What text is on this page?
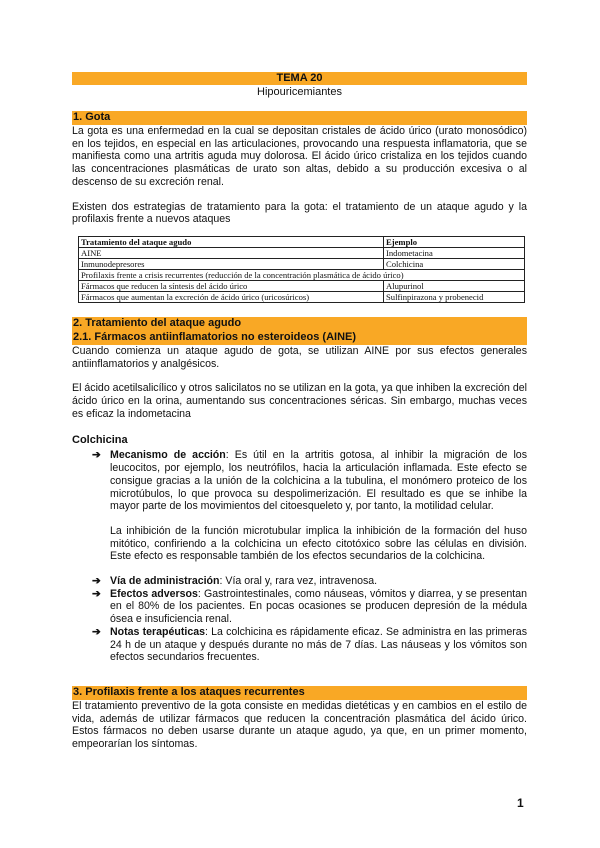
TEMA 20
Hipouricemiantes
1. Gota

La gota es una enfermedad en la cual se depositan cristales de ácido úrico (urato monosódico) en los tejidos, en especial en las articulaciones, provocando una respuesta inflamatoria, que se manifiesta como una artritis aguda muy dolorosa. El ácido úrico cristaliza en los tejidos cuando las concentraciones plasmáticas de urato son altas, debido a su producción excesiva o al descenso de su excreción renal.

Existen dos estrategias de tratamiento para la gota: el tratamiento de un ataque agudo y la profilaxis frente a nuevos ataques

Tratamiento del ataque agudo	Ejemplo
AINE	Indometacina
Inmunodepresores	Colchicina
Profilaxis frente a crisis recurrentes (reducción de la concentración plasmática de ácido úrico)	
Fármacos que reducen la síntesis del ácido úrico	Alupurinol
Fármacos que aumentan la excreción de ácido úrico (uricosúricos)	Sulfinpirazona y probenecid
2. Tratamiento del ataque agudo
2.1. Fármacos antiinflamatorios no esteroideos (AINE)

Cuando comienza un ataque agudo de gota, se utilizan AINE por sus efectos generales antiinflamatorios y analgésicos.

El ácido acetilsalicílico y otros salicilatos no se utilizan en la gota, ya que inhiben la excreción del ácido úrico en la orina, aumentando sus concentraciones séricas. Sin embargo, muchas veces es eficaz la indometacina

Colchicina
➔ Mecanismo de acción: Es útil en la artritis gotosa, al inhibir la migración de los leucocitos, por ejemplo, los neutrófilos, hacia la articulación inflamada. Este efecto se consigue gracias a la unión de la colchicina a la tubulina, el monómero proteico de los microtúbulos, lo que provoca su despolimerización. El resultado es que se inhibe la mayor parte de los movimientos del citoesqueleto y, por tanto, la motilidad celular.
La inhibición de la función microtubular implica la inhibición de la formación del huso mitótico, confiriendo a la colchicina un efecto citotóxico sobre las células en división. Este efecto es responsable también de los efectos secundarios de la colchicina.
➔ Vía de administración: Vía oral y, rara vez, intravenosa.
➔ Efectos adversos: Gastrointestinales, como náuseas, vómitos y diarrea, y se presentan en el 80% de los pacientes. En pocas ocasiones se producen depresión de la médula ósea e insuficiencia renal.
➔ Notas terapéuticas: La colchicina es rápidamente eficaz. Se administra en las primeras 24 h de un ataque y después durante no más de 7 días. Las náuseas y los vómitos son efectos secundarios frecuentes.
3. Profilaxis frente a los ataques recurrentes

El tratamiento preventivo de la gota consiste en medidas dietéticas y en cambios en el estilo de vida, además de utilizar fármacos que reducen la concentración plasmática del ácido úrico. Estos fármacos no deben usarse durante un ataque agudo, ya que, en un primer momento, empeorarían los síntomas.

1
